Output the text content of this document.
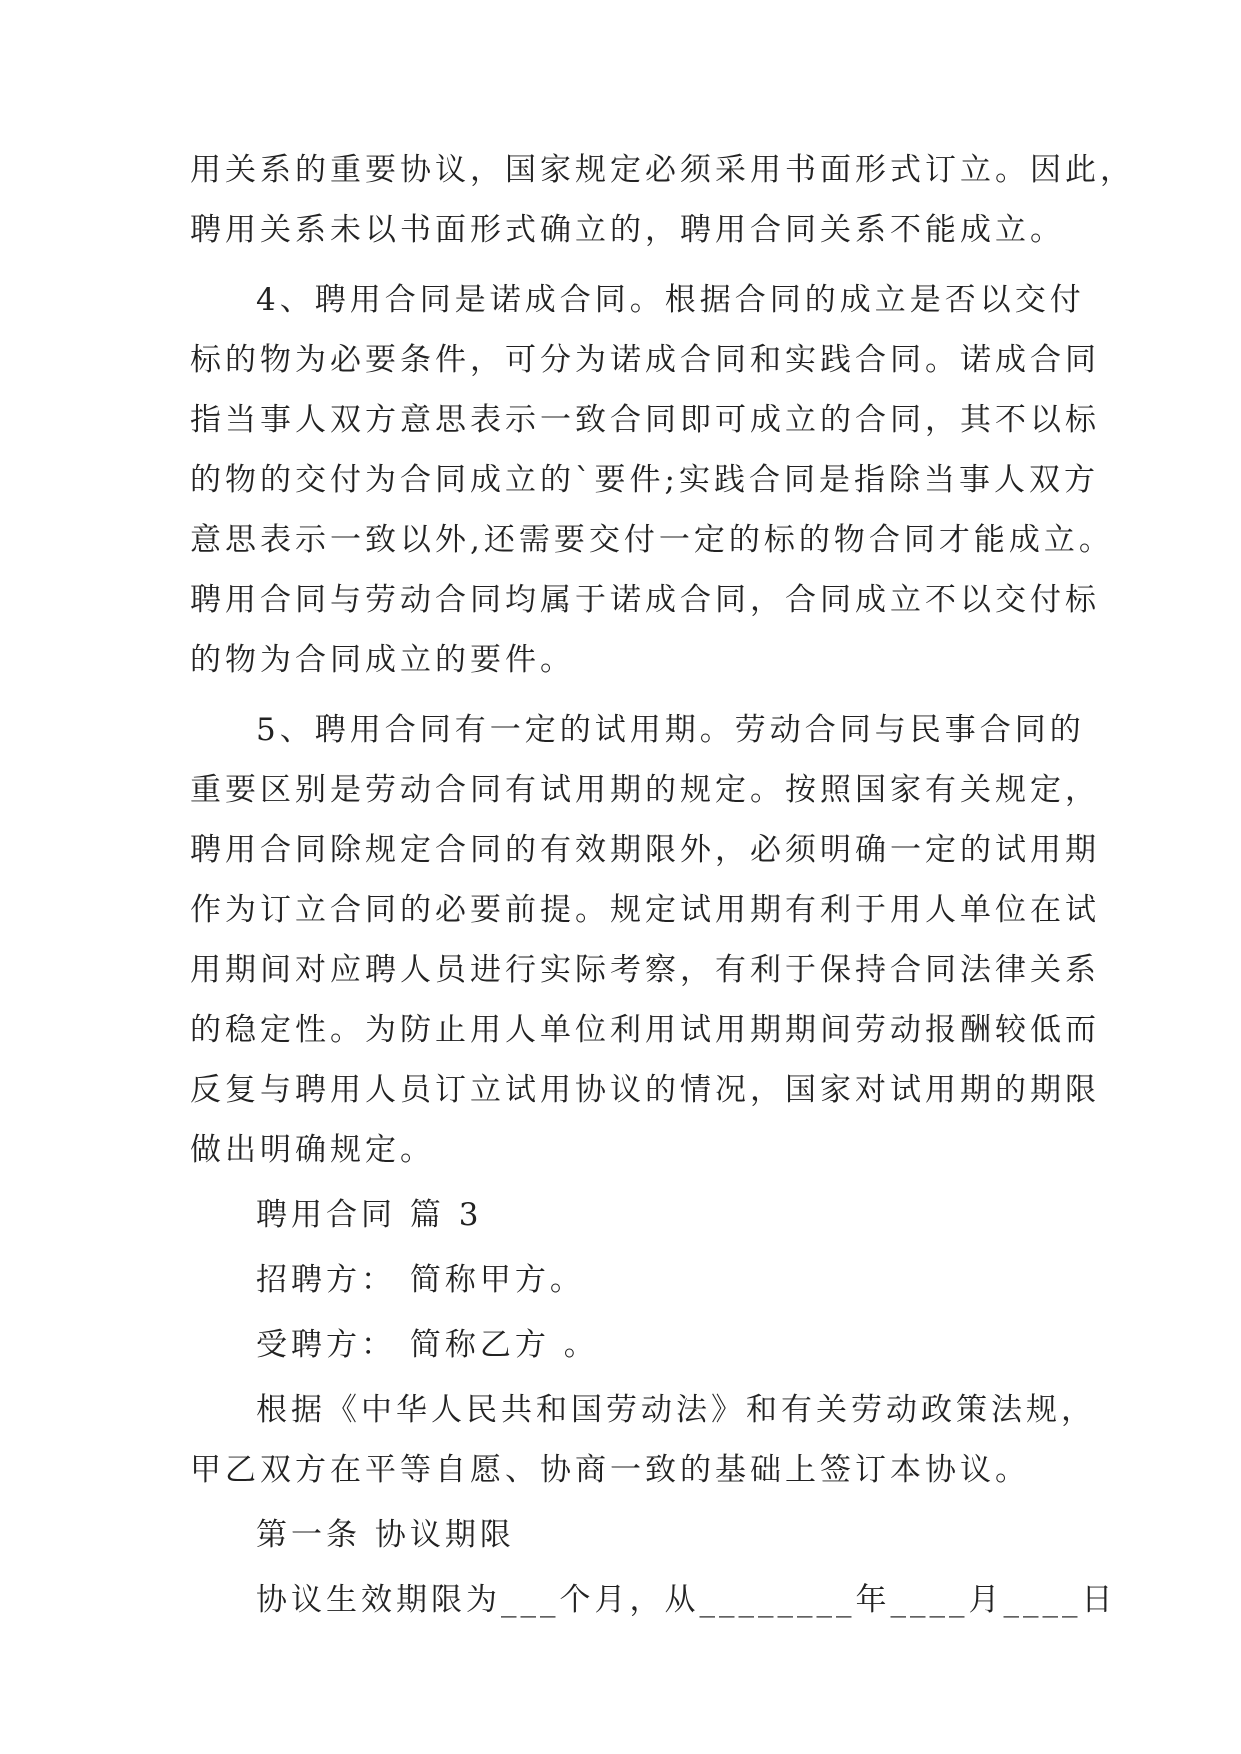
用关系的重要协议，国家规定必须采用书面形式订立。因此，
聘用关系未以书面形式确立的，聘用合同关系不能成立。
4、聘用合同是诺成合同。根据合同的成立是否以交付
标的物为必要条件，可分为诺成合同和实践合同。诺成合同
指当事人双方意思表示一致合同即可成立的合同，其不以标
的物的交付为合同成立的`要件;实践合同是指除当事人双方
意思表示一致以外,还需要交付一定的标的物合同才能成立。
聘用合同与劳动合同均属于诺成合同，合同成立不以交付标
的物为合同成立的要件。
5、聘用合同有一定的试用期。劳动合同与民事合同的
重要区别是劳动合同有试用期的规定。按照国家有关规定，
聘用合同除规定合同的有效期限外，必须明确一定的试用期
作为订立合同的必要前提。规定试用期有利于用人单位在试
用期间对应聘人员进行实际考察，有利于保持合同法律关系
的稳定性。为防止用人单位利用试用期期间劳动报酬较低而
反复与聘用人员订立试用协议的情况，国家对试用期的期限
做出明确规定。
聘用合同 篇 3
招聘方： 简称甲方。
受聘方： 简称乙方 。
根据《中华人民共和国劳动法》和有关劳动政策法规，
甲乙双方在平等自愿、协商一致的基础上签订本协议。
第一条 协议期限
协议生效期限为___个月，从________年____月____日
